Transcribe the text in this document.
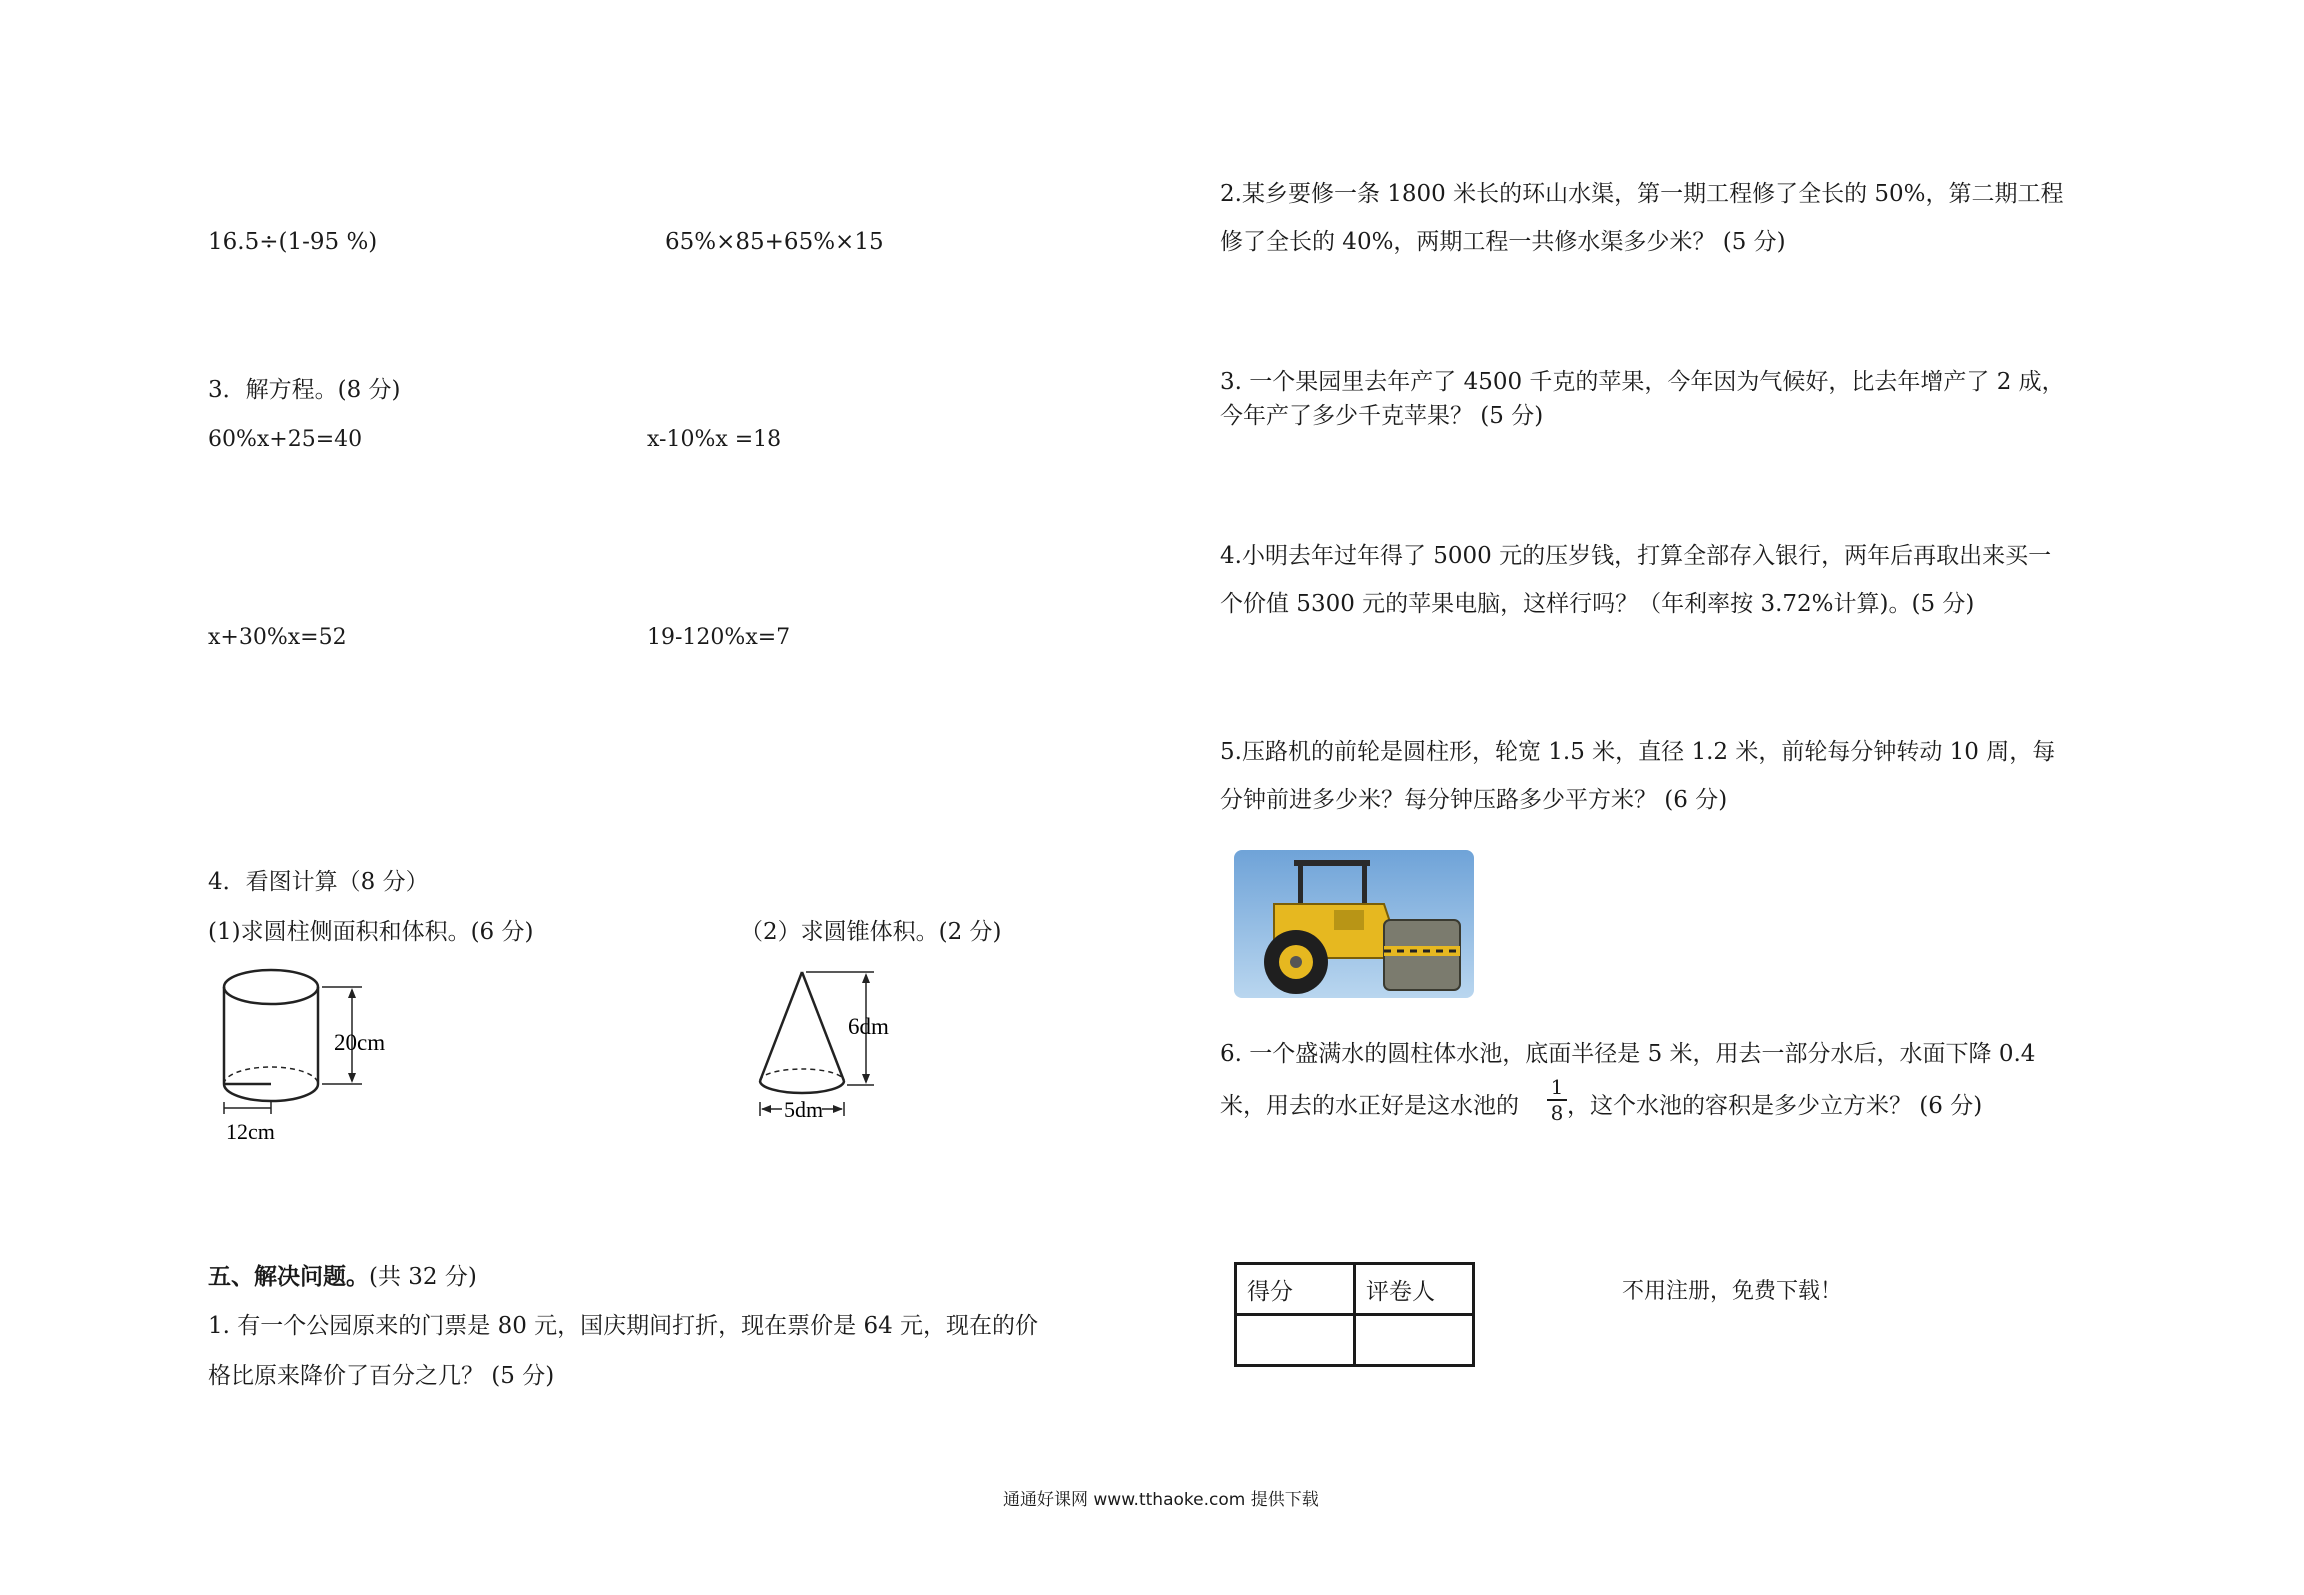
16.5÷(1-95 %)	65%×85+65%×15
3．解方程。(8 分)
60%x+25=40	x-10%x =18
x+30%x=52	19-120%x=7
4．看图计算（8 分）
(1)求圆柱侧面积和体积。(6 分)	（2）求圆锥体积。(2 分)
20cm
12cm
6dm
5dm
五、解决问题。(共 32 分)
1. 有一个公园原来的门票是 80 元，国庆期间打折，现在票价是 64 元，现在的价
格比原来降价了百分之几？ (5 分)
2.某乡要修一条 1800 米长的环山水渠，第一期工程修了全长的 50%，第二期工程
修了全长的 40%，两期工程一共修水渠多少米？ (5 分)
3. 一个果园里去年产了 4500 千克的苹果，今年因为气候好，比去年增产了 2 成，
今年产了多少千克苹果？ (5 分)
4.小明去年过年得了 5000 元的压岁钱，打算全部存入银行，两年后再取出来买一
个价值 5300 元的苹果电脑，这样行吗？（年利率按 3.72%计算)。(5 分)
5.压路机的前轮是圆柱形，轮宽 1.5 米，直径 1.2 米，前轮每分钟转动 10 周，每
分钟前进多少米？每分钟压路多少平方米？ (6 分)
6. 一个盛满水的圆柱体水池，底面半径是 5 米，用去一部分水后，水面下降 0.4
米，用去的水正好是这水池的
1
8 ，这个水池的容积是多少立方米？ (6 分)
得分	评卷人
		不用注册，免费下载！
通通好课网 www.tthaoke.com 提供下载
